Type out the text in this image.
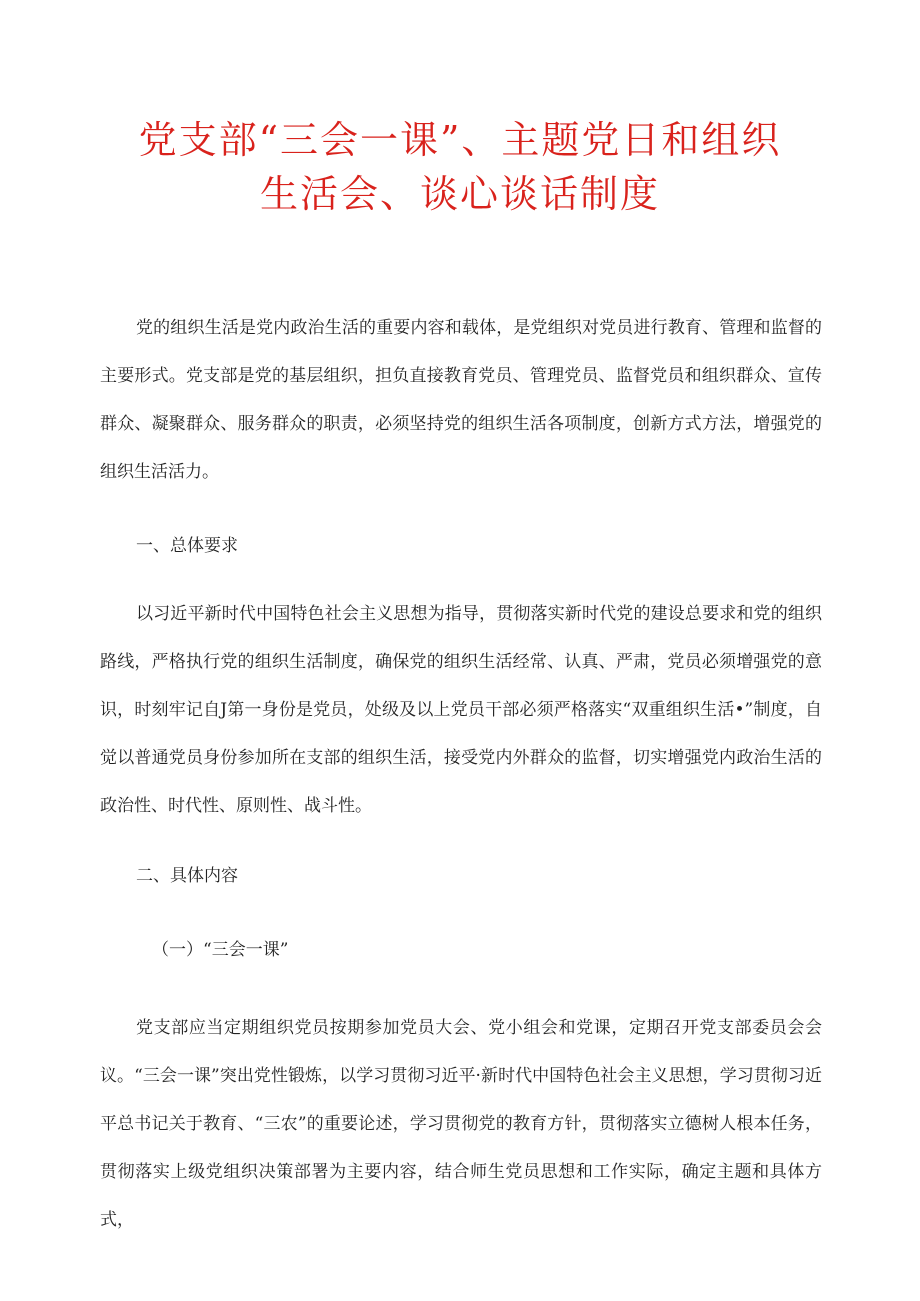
党支部“三会一课”、主题党日和组织
生活会、谈心谈话制度

党的组织生活是党内政治生活的重要内容和载体，是党组织对党员进行教育、管理和监督的主要形式。党支部是党的基层组织，担负直接教育党员、管理党员、监督党员和组织群众、宣传群众、凝聚群众、服务群众的职责，必须坚持党的组织生活各项制度，创新方式方法，增强党的组织生活活力。

一、总体要求

以习近平新时代中国特色社会主义思想为指导，贯彻落实新时代党的建设总要求和党的组织路线，严格执行党的组织生活制度，确保党的组织生活经常、认真、严肃，党员必须增强党的意识，时刻牢记自J第一身份是党员，处级及以上党员干部必须严格落实“双重组织生活•”制度，自觉以普通党员身份参加所在支部的组织生活，接受党内外群众的监督，切实增强党内政治生活的政治性、时代性、原则性、战斗性。

二、具体内容

（一）“三会一课”

党支部应当定期组织党员按期参加党员大会、党小组会和党课，定期召开党支部委员会会议。“三会一课”突出党性锻炼，以学习贯彻习近平·新时代中国特色社会主义思想，学习贯彻习近平总书记关于教育、“三农”的重要论述，学习贯彻党的教育方针，贯彻落实立德树人根本任务，贯彻落实上级党组织决策部署为主要内容，结合师生党员思想和工作实际，确定主题和具体方式，
